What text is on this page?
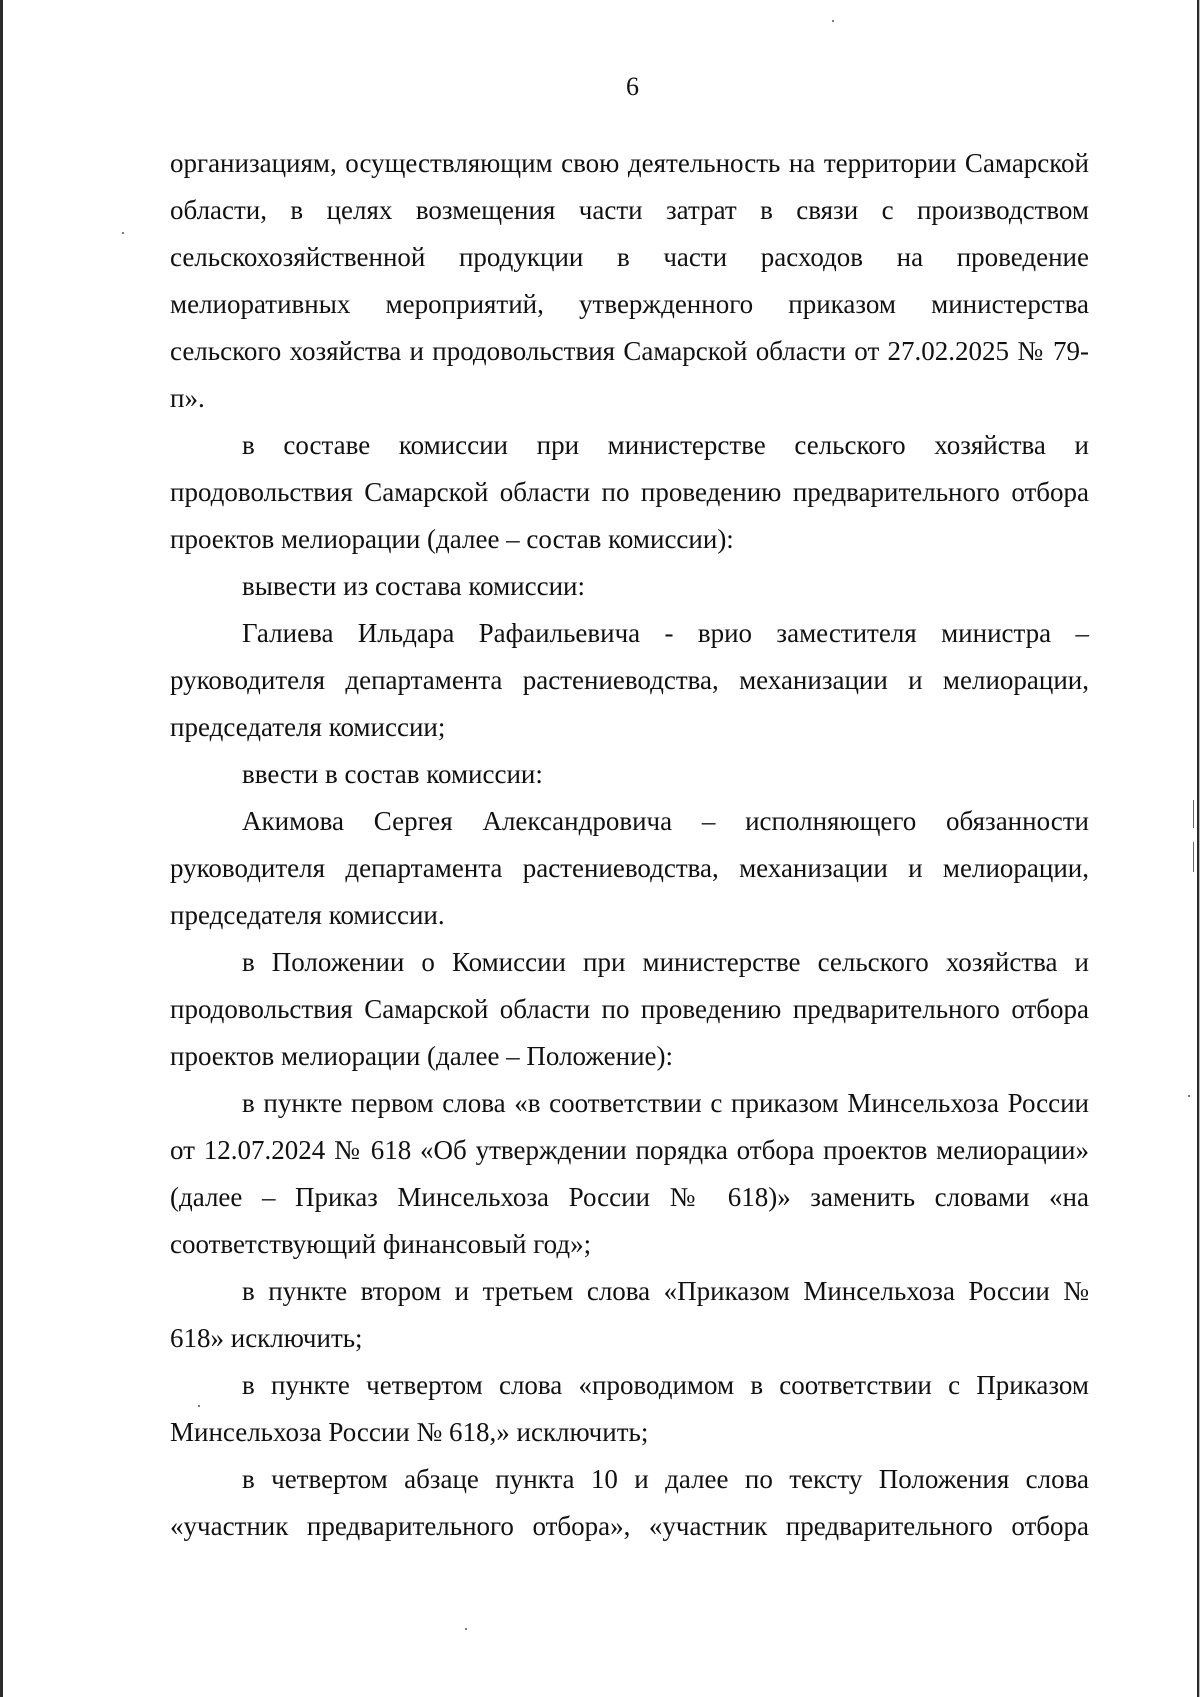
6

организациям, осуществляющим свою деятельность на территории Самарской области, в целях возмещения части затрат в связи с производством сельскохозяйственной продукции в части расходов на проведение мелиоративных мероприятий, утвержденного приказом министерства сельского хозяйства и продовольствия Самарской области от 27.02.2025 № 79-п».

в составе комиссии при министерстве сельского хозяйства и продовольствия Самарской области по проведению предварительного отбора проектов мелиорации (далее – состав комиссии):

вывести из состава комиссии:

Галиева Ильдара Рафаильевича - врио заместителя министра – руководителя департамента растениеводства, механизации и мелиорации, председателя комиссии;

ввести в состав комиссии:

Акимова Сергея Александровича – исполняющего обязанности руководителя департамента растениеводства, механизации и мелиорации, председателя комиссии.

в Положении о Комиссии при министерстве сельского хозяйства и продовольствия Самарской области по проведению предварительного отбора проектов мелиорации (далее – Положение):

в пункте первом слова «в соответствии с приказом Минсельхоза России от 12.07.2024 № 618 «Об утверждении порядка отбора проектов мелиорации» (далее – Приказ Минсельхоза России № 618)» заменить словами «на соответствующий финансовый год»;

в пункте втором и третьем слова «Приказом Минсельхоза России № 618» исключить;

в пункте четвертом слова «проводимом в соответствии с Приказом Минсельхоза России № 618,» исключить;

в четвертом абзаце пункта 10 и далее по тексту Положения слова «участник предварительного отбора», «участник предварительного отбора
